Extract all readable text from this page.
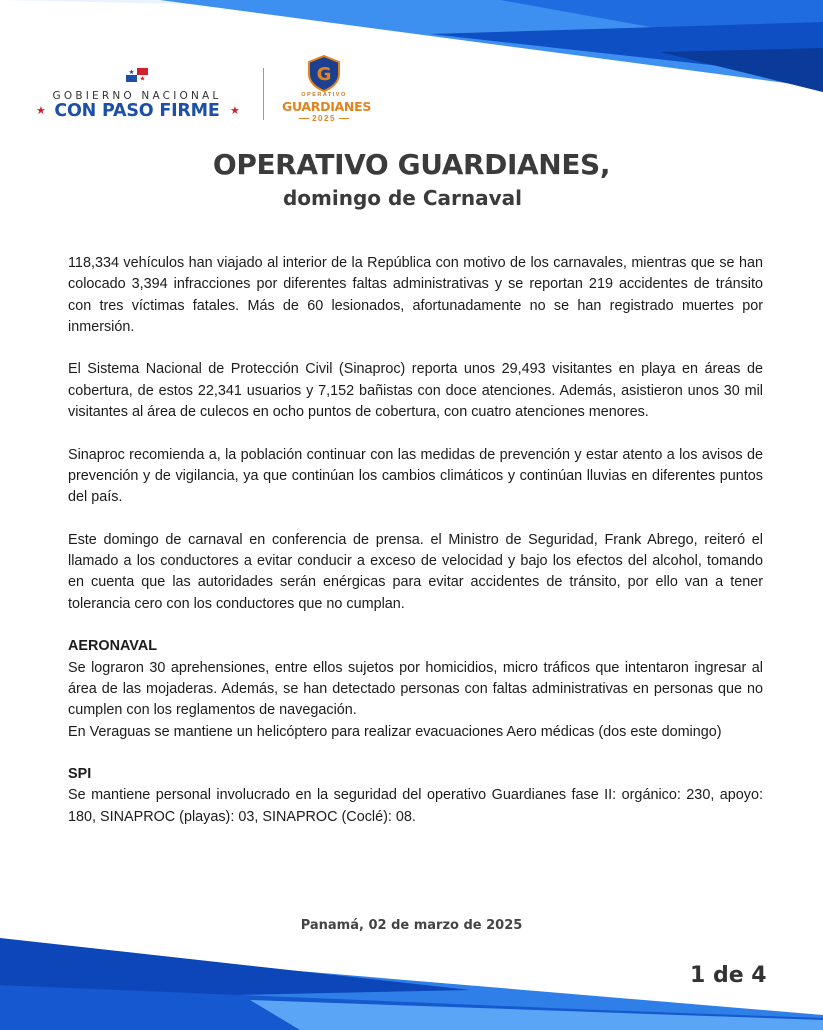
GOBIERNO NACIONAL
★ CON PASO FIRME ★
G
OPERATIVO
GUARDIANES
2025
OPERATIVO GUARDIANES,
domingo de Carnaval

118,334 vehículos han viajado al interior de la República con motivo de los carnavales, mientras que se han colocado 3,394 infracciones por diferentes faltas administrativas y se reportan 219 accidentes de tránsito con tres víctimas fatales. Más de 60 lesionados, afortunadamente no se han registrado muertes por inmersión.

El Sistema Nacional de Protección Civil (Sinaproc) reporta unos 29,493 visitantes en playa en áreas de cobertura, de estos 22,341 usuarios y 7,152 bañistas con doce atenciones. Además, asistieron unos 30 mil visitantes al área de culecos en ocho puntos de cobertura, con cuatro atenciones menores.

Sinaproc recomienda a, la población continuar con las medidas de prevención y estar atento a los avisos de prevención y de vigilancia, ya que continúan los cambios climáticos y continúan lluvias en diferentes puntos del país.

Este domingo de carnaval en conferencia de prensa. el Ministro de Seguridad, Frank Abrego, reiteró el llamado a los conductores a evitar conducir a exceso de velocidad y bajo los efectos del alcohol, tomando en cuenta que las autoridades serán enérgicas para evitar accidentes de tránsito, por ello van a tener tolerancia cero con los conductores que no cumplan.

AERONAVAL

Se lograron 30 aprehensiones, entre ellos sujetos por homicidios, micro tráficos que intentaron ingresar al área de las mojaderas. Además, se han detectado personas con faltas administrativas en personas que no cumplen con los reglamentos de navegación.

En Veraguas se mantiene un helicóptero para realizar evacuaciones Aero médicas (dos este domingo)

SPI

Se mantiene personal involucrado en la seguridad del operativo Guardianes fase II: orgánico: 230, apoyo: 180, SINAPROC (playas): 03, SINAPROC (Coclé): 08.

Panamá, 02 de marzo de 2025
1 de 4
